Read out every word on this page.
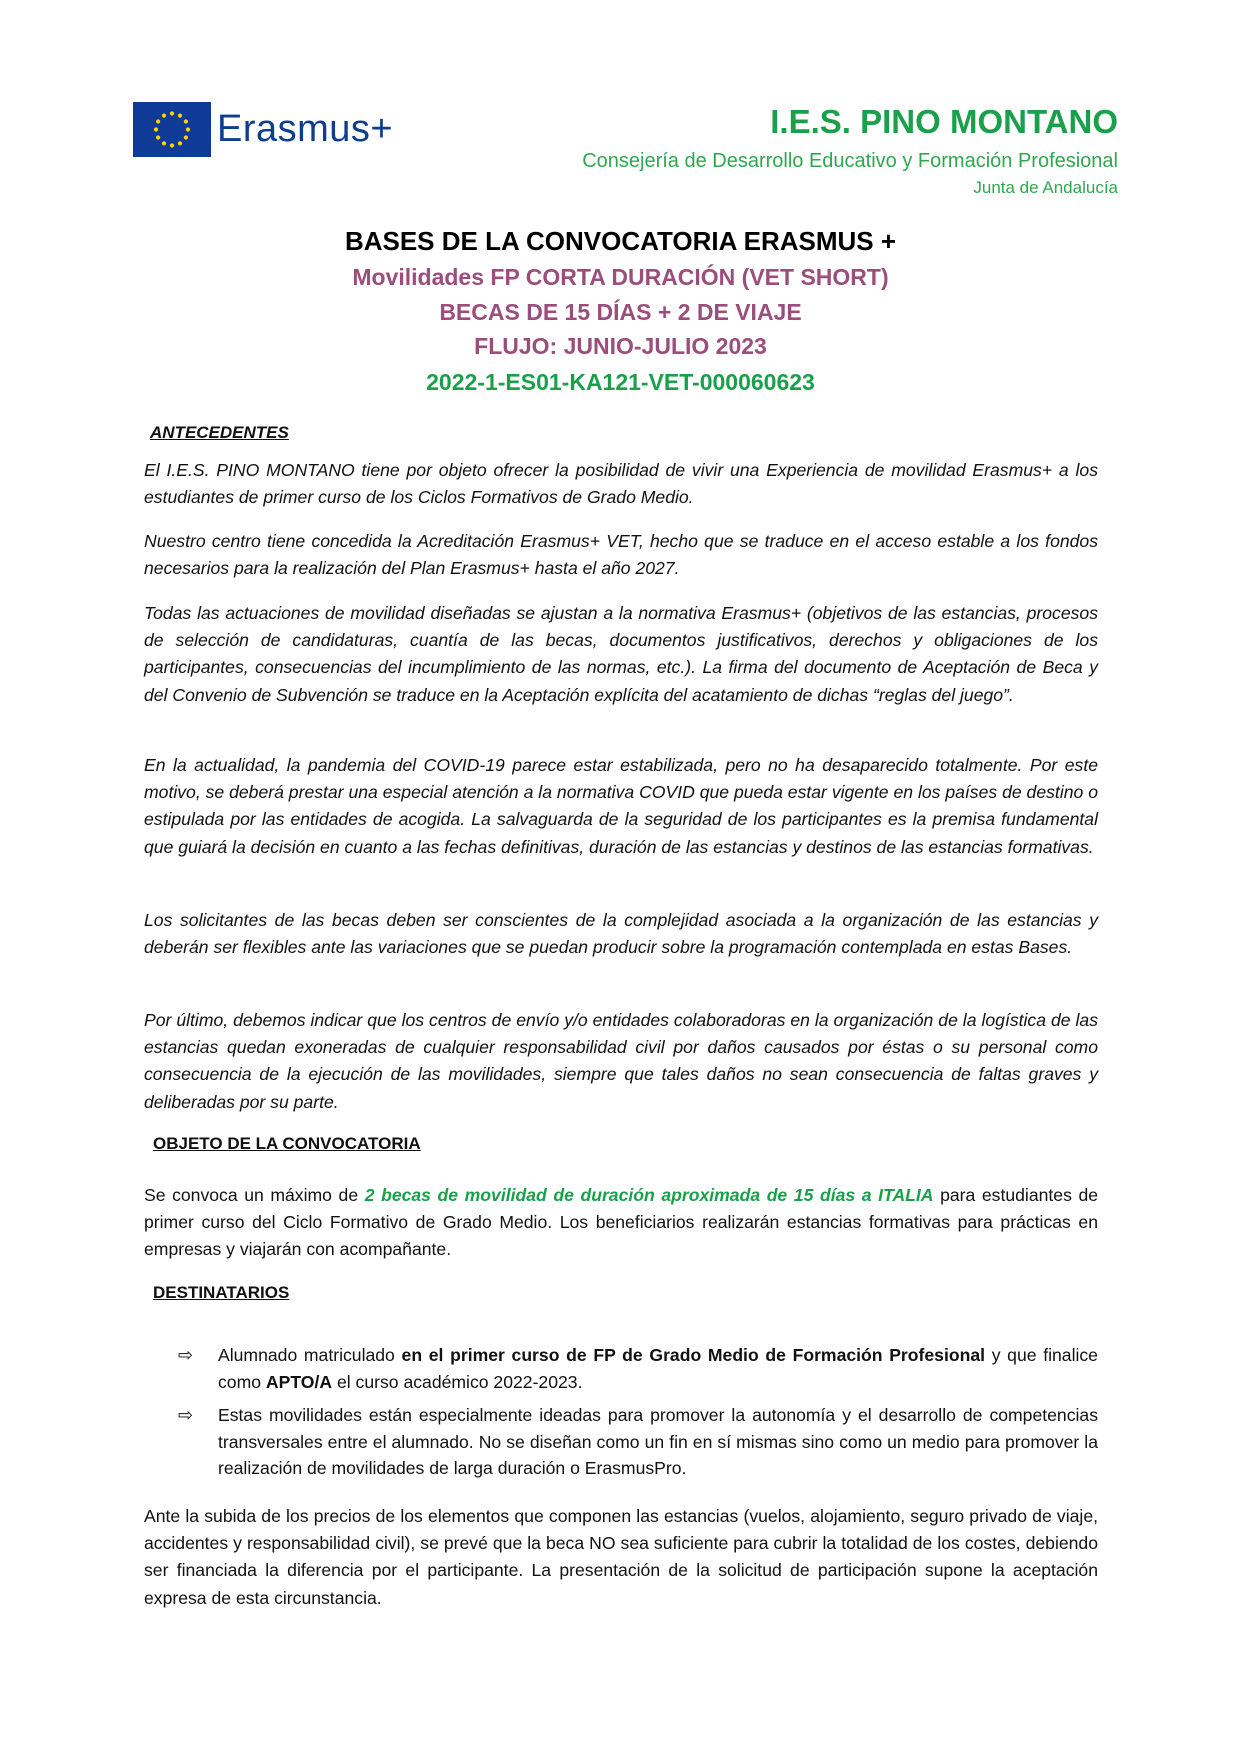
Erasmus+	I.E.S. PINO MONTANO
Consejería de Desarrollo Educativo y Formación Profesional
Junta de Andalucía
BASES DE LA CONVOCATORIA ERASMUS +
Movilidades FP CORTA DURACIÓN (VET SHORT)
BECAS DE 15 DÍAS + 2 DE VIAJE
FLUJO: JUNIO-JULIO 2023
2022-1-ES01-KA121-VET-000060623
ANTECEDENTES

El I.E.S. PINO MONTANO tiene por objeto ofrecer la posibilidad de vivir una Experiencia de movilidad Erasmus+ a los estudiantes de primer curso de los Ciclos Formativos de Grado Medio.

Nuestro centro tiene concedida la Acreditación Erasmus+ VET, hecho que se traduce en el acceso estable a los fondos necesarios para la realización del Plan Erasmus+ hasta el año 2027.

Todas las actuaciones de movilidad diseñadas se ajustan a la normativa Erasmus+ (objetivos de las estancias, procesos de selección de candidaturas, cuantía de las becas, documentos justificativos, derechos y obligaciones de los participantes, consecuencias del incumplimiento de las normas, etc.). La firma del documento de Aceptación de Beca y del Convenio de Subvención se traduce en la Aceptación explícita del acatamiento de dichas “reglas del juego”.

En la actualidad, la pandemia del COVID-19 parece estar estabilizada, pero no ha desaparecido totalmente. Por este motivo, se deberá prestar una especial atención a la normativa COVID que pueda estar vigente en los países de destino o estipulada por las entidades de acogida. La salvaguarda de la seguridad de los participantes es la premisa fundamental que guiará la decisión en cuanto a las fechas definitivas, duración de las estancias y destinos de las estancias formativas.

Los solicitantes de las becas deben ser conscientes de la complejidad asociada a la organización de las estancias y deberán ser flexibles ante las variaciones que se puedan producir sobre la programación contemplada en estas Bases.

Por último, debemos indicar que los centros de envío y/o entidades colaboradoras en la organización de la logística de las estancias quedan exoneradas de cualquier responsabilidad civil por daños causados por éstas o su personal como consecuencia de la ejecución de las movilidades, siempre que tales daños no sean consecuencia de faltas graves y deliberadas por su parte.

OBJETO DE LA CONVOCATORIA

Se convoca un máximo de 2 becas de movilidad de duración aproximada de 15 días a ITALIA para estudiantes de primer curso del Ciclo Formativo de Grado Medio. Los beneficiarios realizarán estancias formativas para prácticas en empresas y viajarán con acompañante.

DESTINATARIOS
⇨ Alumnado matriculado en el primer curso de FP de Grado Medio de Formación Profesional y que finalice como APTO/A el curso académico 2022-2023.
⇨ Estas movilidades están especialmente ideadas para promover la autonomía y el desarrollo de competencias transversales entre el alumnado. No se diseñan como un fin en sí mismas sino como un medio para promover la realización de movilidades de larga duración o ErasmusPro.

Ante la subida de los precios de los elementos que componen las estancias (vuelos, alojamiento, seguro privado de viaje, accidentes y responsabilidad civil), se prevé que la beca NO sea suficiente para cubrir la totalidad de los costes, debiendo ser financiada la diferencia por el participante. La presentación de la solicitud de participación supone la aceptación expresa de esta circunstancia.
